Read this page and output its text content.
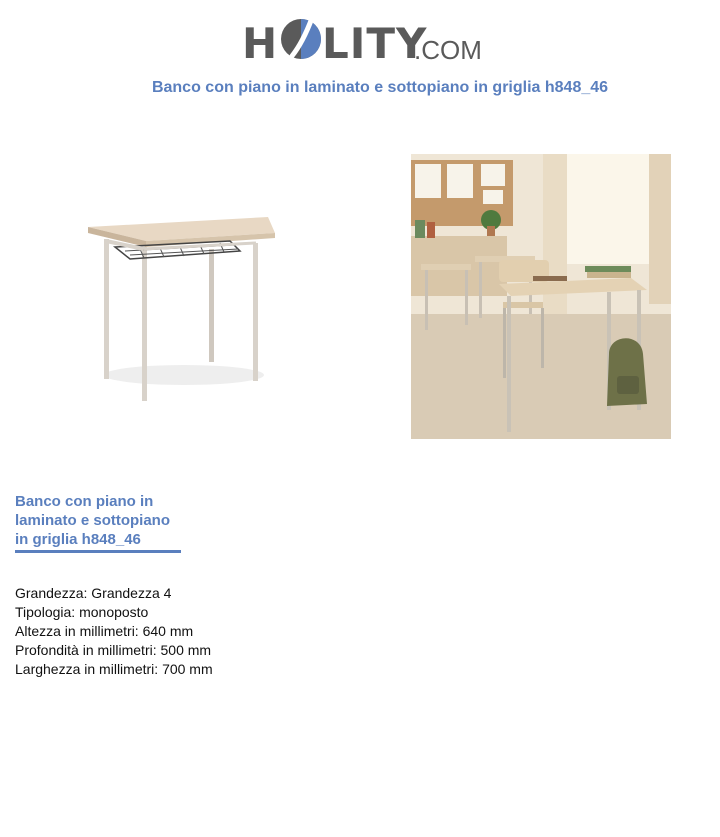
H LITY
.COM
Banco con piano in laminato e sottopiano in griglia h848_46
Banco con piano in laminato e sottopiano in griglia h848_46
Grandezza: Grandezza 4
Tipologia: monoposto
Altezza in millimetri: 640 mm
Profondità in millimetri: 500 mm
Larghezza in millimetri: 700 mm
